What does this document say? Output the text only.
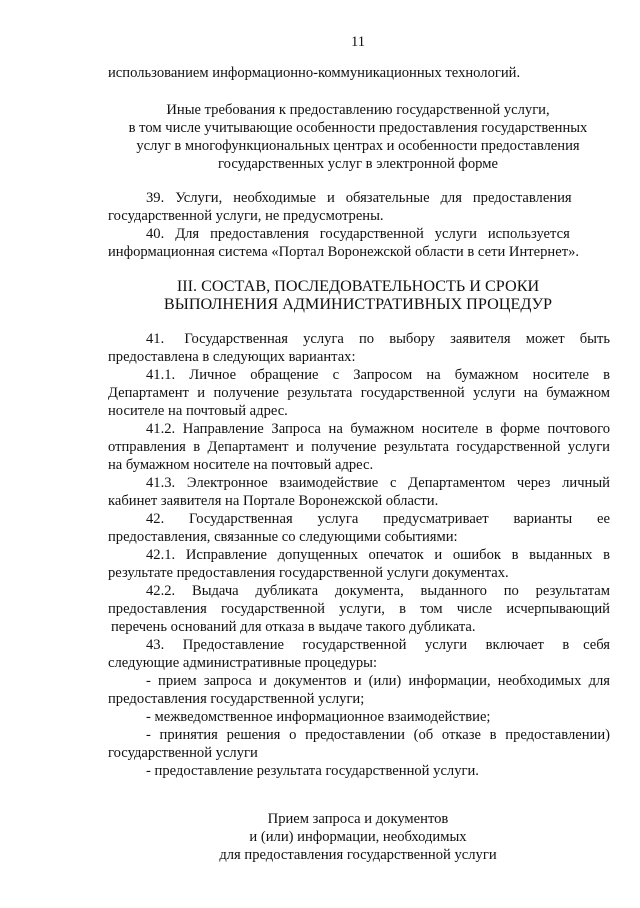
11
использованием информационно-коммуникационных технологий.
Иные требования к предоставлению государственной услуги,
в том числе учитывающие особенности предоставления государственных
услуг в многофункциональных центрах и особенности предоставления
государственных услуг в электронной форме
39.   Услуги,   необходимые   и   обязательные   для   предоставления
государственной услуги, не предусмотрены.
40.   Для   предоставления   государственной   услуги   используется
информационная система «Портал Воронежской области в сети Интернет».
III. СОСТАВ, ПОСЛЕДОВАТЕЛЬНОСТЬ И СРОКИ
ВЫПОЛНЕНИЯ АДМИНИСТРАТИВНЫХ ПРОЦЕДУР
41.    Государственная   услуга   по   выбору   заявителя   может   быть
предоставлена в следующих вариантах:
41.1. Личное обращение с Запросом на бумажном носителе в
Департамент и получение результата государственной услуги на бумажном
носителе на почтовый адрес.
41.2. Направление Запроса на бумажном носителе в форме почтового
отправления в Департамент и получение результата государственной услуги
на бумажном носителе на почтовый адрес.
41.3. Электронное взаимодействие с Департаментом через личный
кабинет заявителя на Портале Воронежской области.
42.    Государственная    услуга    предусматривает    варианты    ее
предоставления, связанные со следующими событиями:
42.1. Исправление допущенных опечаток и ошибок в выданных в
результате предоставления государственной услуги документах.
42.2. Выдача дубликата документа, выданного по результатам
предоставления государственной услуги, в том числе исчерпывающий
перечень оснований для отказа в выдаче такого дубликата.
43.    Предоставление    государственной    услуги    включает    в   себя
следующие административные процедуры:
- прием запроса и документов и (или) информации, необходимых для
предоставления государственной услуги;
- межведомственное информационное взаимодействие;
- принятия решения о предоставлении (об отказе в предоставлении)
государственной услуги
- предоставление результата государственной услуги.
Прием запроса и документов
и (или) информации, необходимых
для предоставления государственной услуги
